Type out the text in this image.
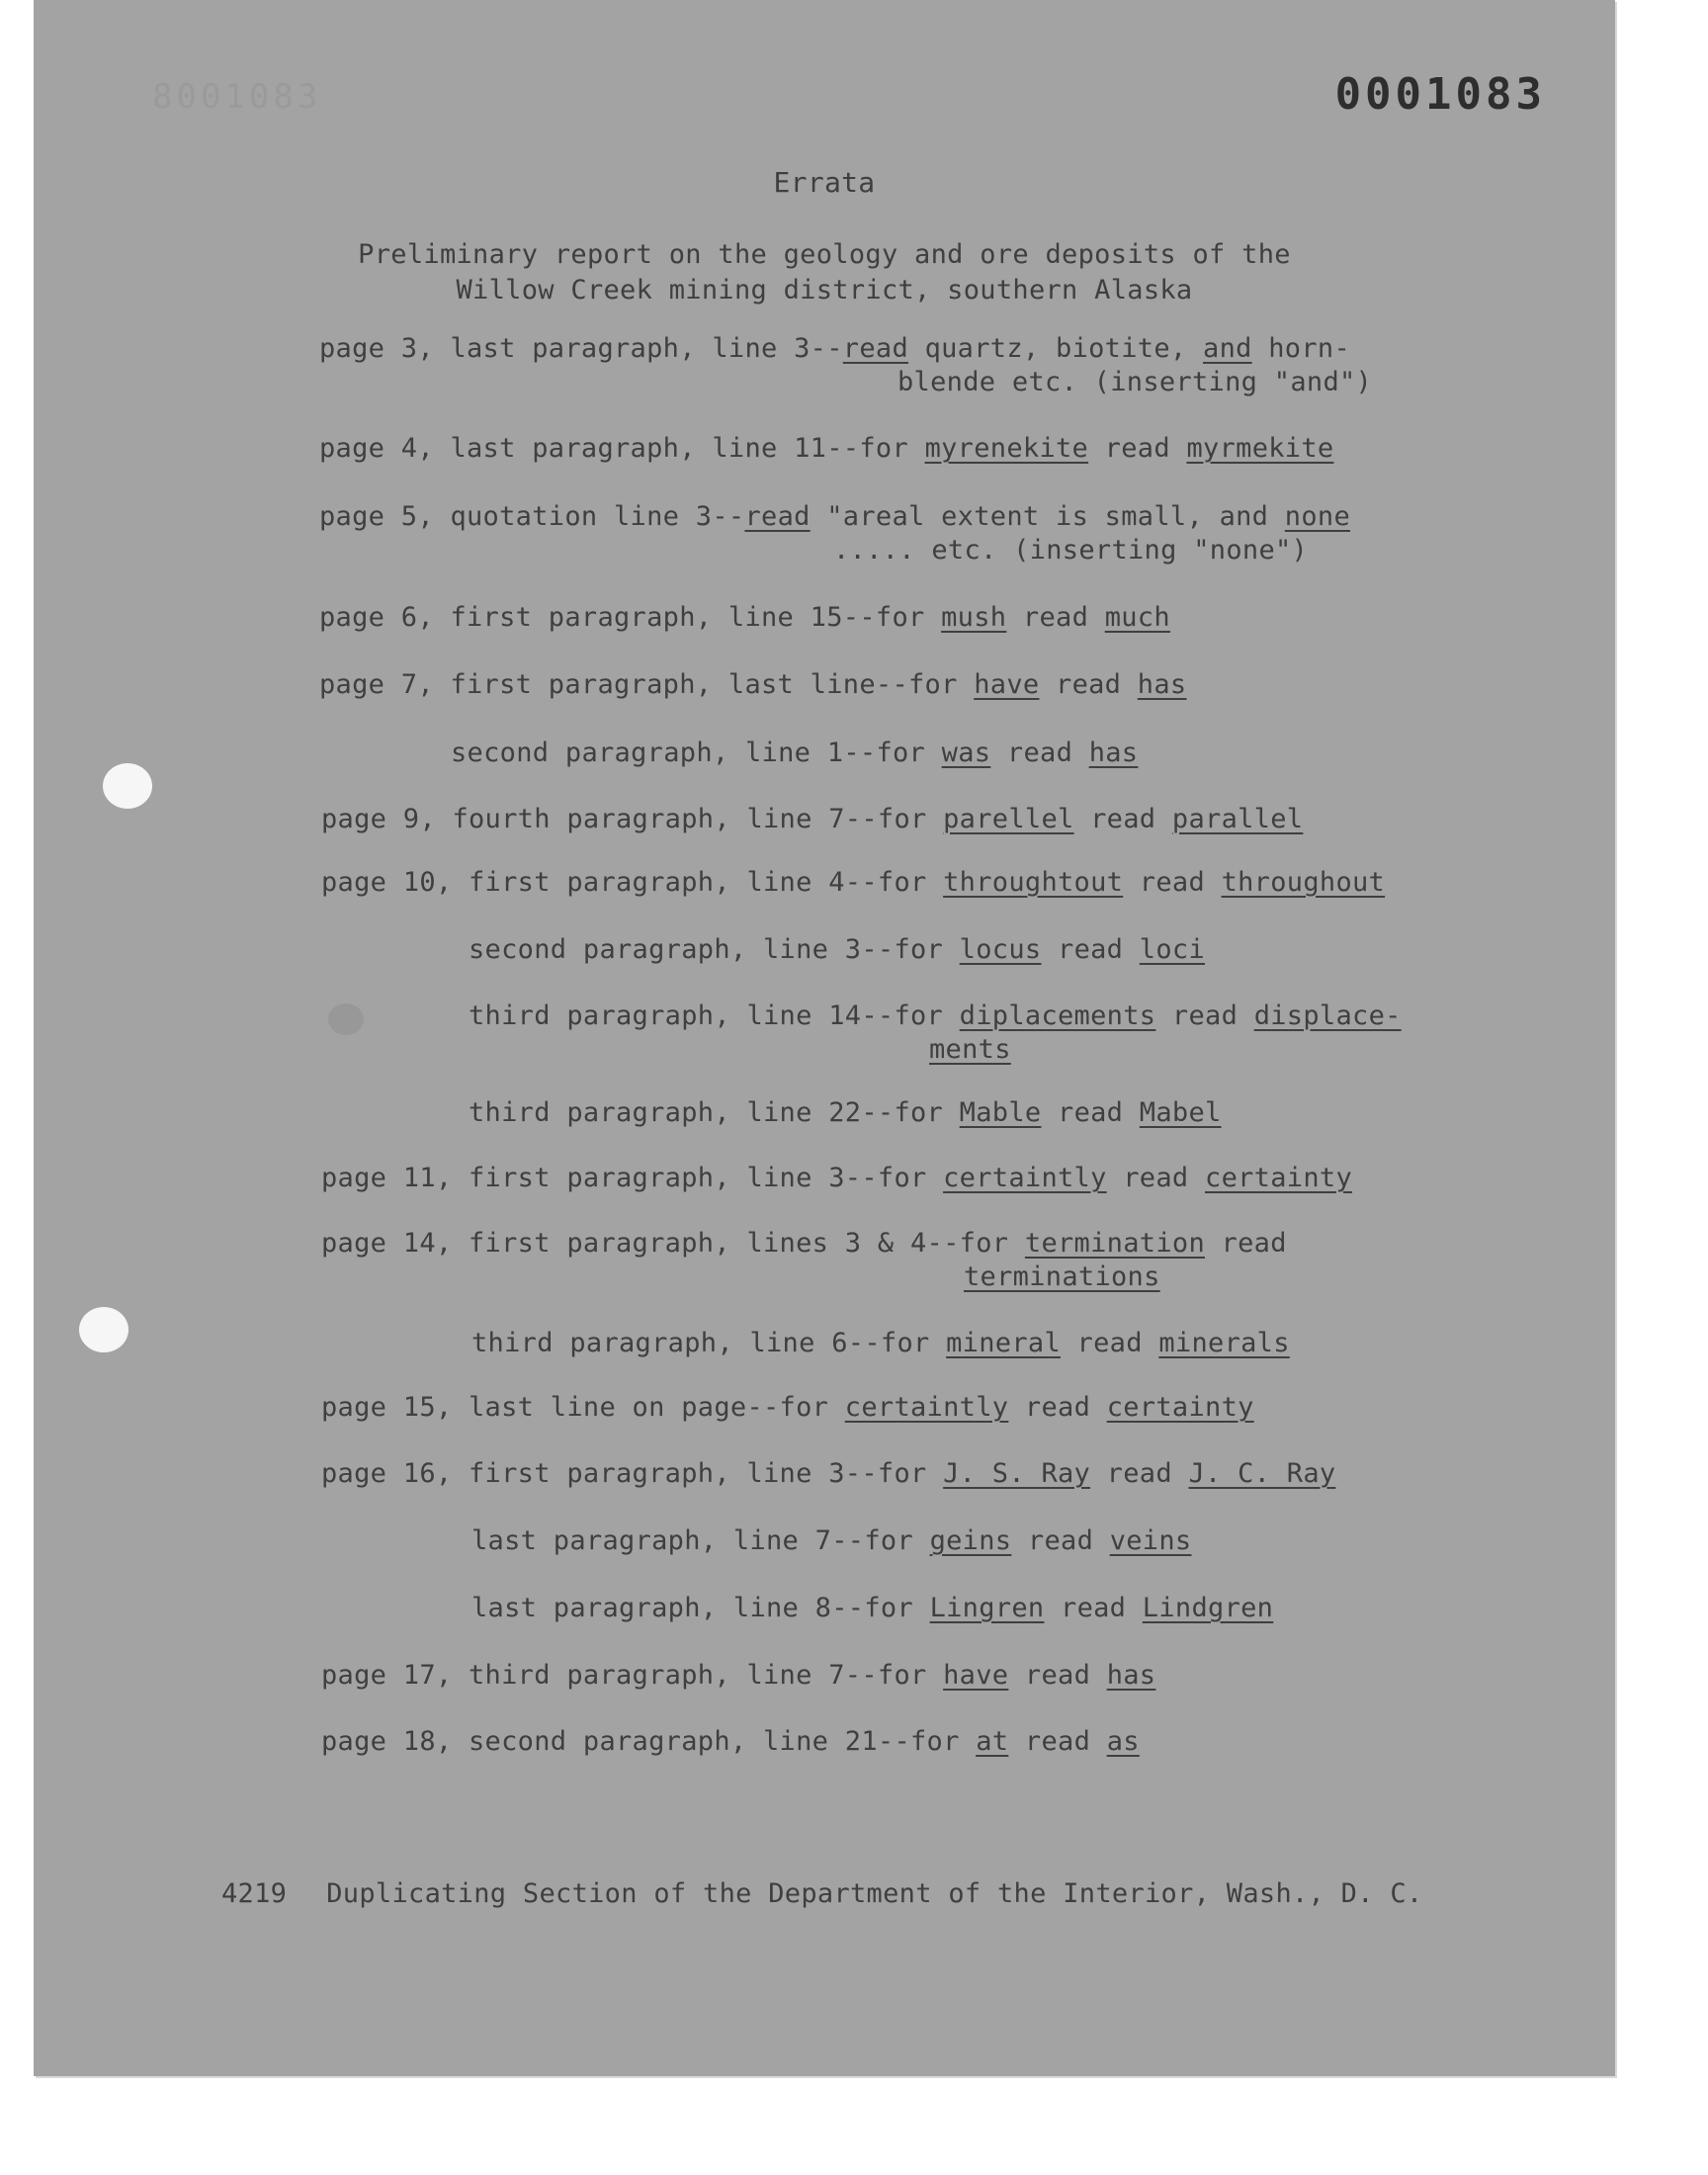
8001083	0001083
Errata
Preliminary report on the geology and ore deposits of the
Willow Creek mining district, southern Alaska
page 3, last paragraph, line 3--read quartz, biotite, and horn-
blende etc. (inserting "and")
page 4, last paragraph, line 11--for myrenekite read myrmekite
page 5, quotation line 3--read "areal extent is small, and none
..... etc. (inserting "none")
page 6, first paragraph, line 15--for mush read much
page 7, first paragraph, last line--for have read has
second paragraph, line 1--for was read has
page 9, fourth paragraph, line 7--for parellel read parallel
page 10, first paragraph, line 4--for throughtout read throughout
second paragraph, line 3--for locus read loci
third paragraph, line 14--for diplacements read displace-
ments
third paragraph, line 22--for Mable read Mabel
page 11, first paragraph, line 3--for certaintly read certainty
page 14, first paragraph, lines 3 & 4--for termination read
terminations
third paragraph, line 6--for mineral read minerals
page 15, last line on page--for certaintly read certainty
page 16, first paragraph, line 3--for J. S. Ray read J. C. Ray
last paragraph, line 7--for geins read veins
last paragraph, line 8--for Lingren read Lindgren
page 17, third paragraph, line 7--for have read has
page 18, second paragraph, line 21--for at read as
4219 Duplicating Section of the Department of the Interior, Wash., D. C.
